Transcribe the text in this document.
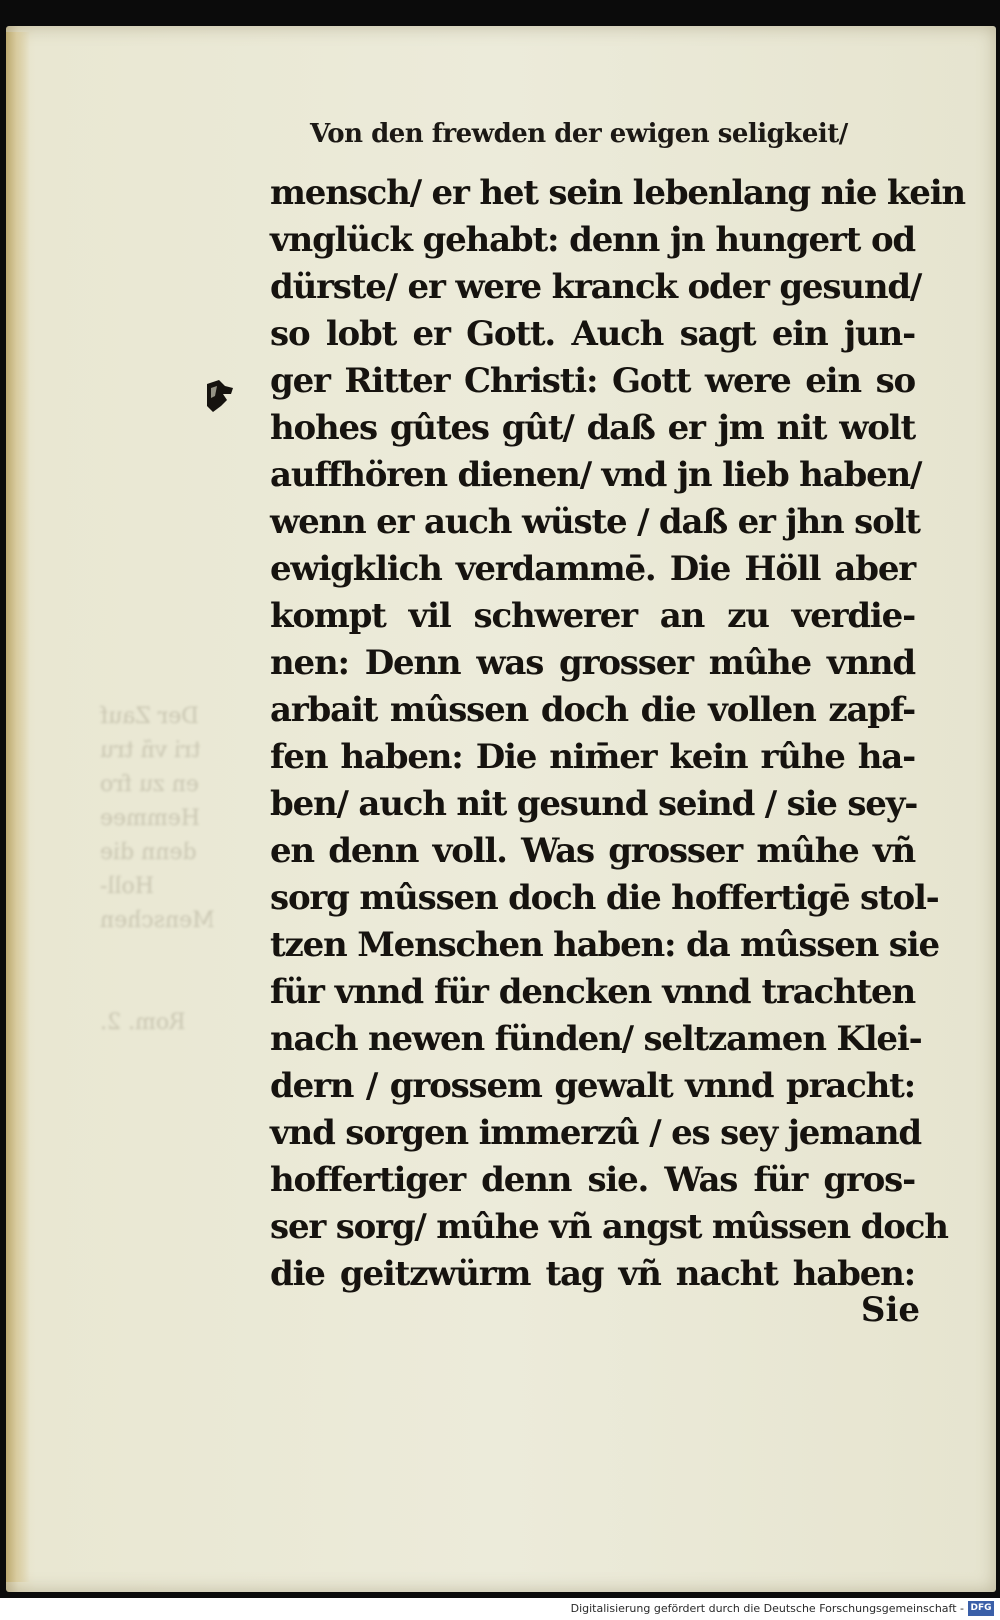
Der Zauf
tri vñ tru
en zu fro
Hemmee
denn die
Holl-
Menschen
Rom. 2.
Von den frewden der ewigen seligkeit/
mensch/ er het sein lebenlang nie kein
vnglück gehabt: denn jn hungert od
dürste/ er were kranck oder gesund/
so lobt er Gott. Auch sagt ein jun-
ger Ritter Christi: Gott were ein so
hohes gûtes gût/ daß er jm nit wolt
auffhören dienen/ vnd jn lieb haben/
wenn er auch wüste / daß er jhn solt
ewigklich verdammē. Die Höll aber
kompt vil schwerer an zu verdie-
nen: Denn was grosser mûhe vnnd
arbait mûssen doch die vollen zapf-
fen haben: Die nim̄er kein rûhe ha-
ben/ auch nit gesund seind / sie sey-
en denn voll. Was grosser mûhe vñ
sorg mûssen doch die hoffertigē stol-
tzen Menschen haben: da mûssen sie
für vnnd für dencken vnnd trachten
nach newen fünden/ seltzamen Klei-
dern / grossem gewalt vnnd pracht:
vnd sorgen immerzû / es sey jemand
hoffertiger denn sie. Was für gros-
ser sorg/ mûhe vñ angst mûssen doch
die geitzwürm tag vñ nacht haben:
Sie
Digitalisierung gefördert durch die Deutsche Forschungsgemeinschaft - DFG
